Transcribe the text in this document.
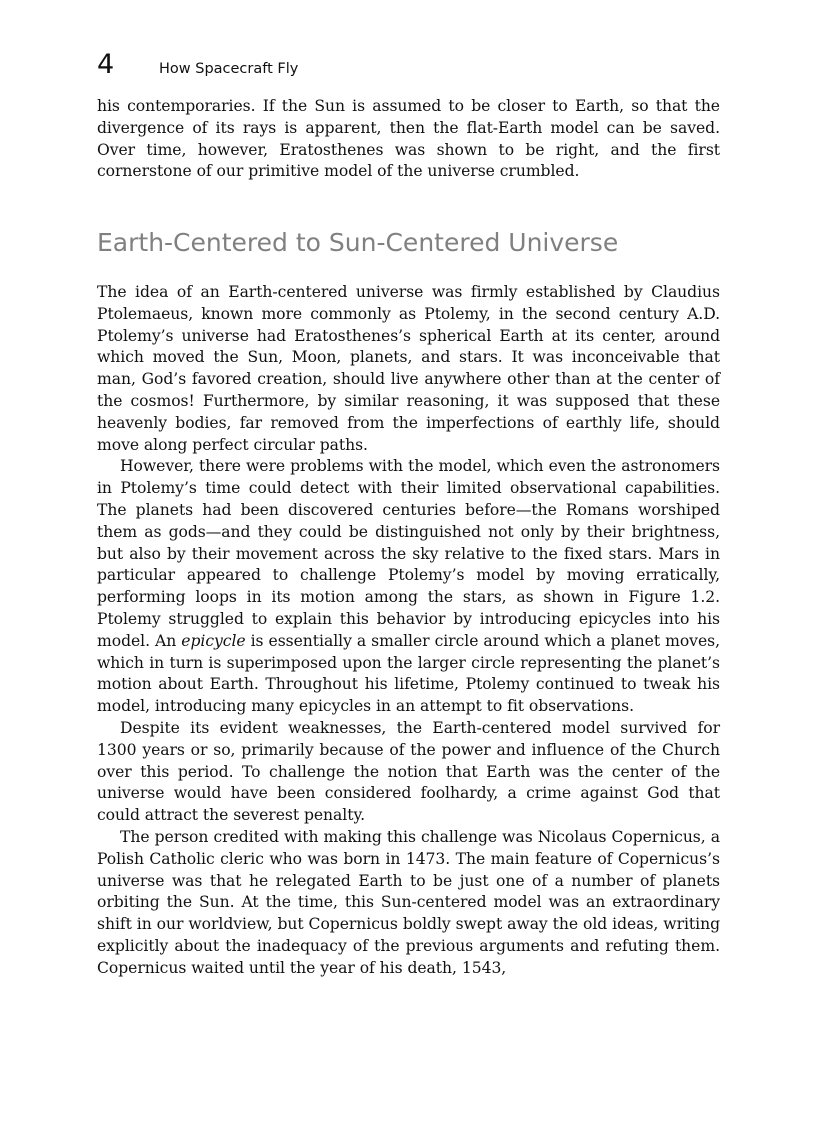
4	How Spacecraft Fly

his contemporaries. If the Sun is assumed to be closer to Earth, so that the divergence of its rays is apparent, then the flat-Earth model can be saved. Over time, however, Eratosthenes was shown to be right, and the first cornerstone of our primitive model of the universe crumbled.

Earth-Centered to Sun-Centered Universe

The idea of an Earth-centered universe was firmly established by Claudius Ptolemaeus, known more commonly as Ptolemy, in the second century A.D. Ptolemy’s universe had Eratosthenes’s spherical Earth at its center, around which moved the Sun, Moon, planets, and stars. It was inconceivable that man, God’s favored creation, should live anywhere other than at the center of the cosmos! Furthermore, by similar reasoning, it was supposed that these heavenly bodies, far removed from the imperfections of earthly life, should move along perfect circular paths.

However, there were problems with the model, which even the astronomers in Ptolemy’s time could detect with their limited observational capabilities. The planets had been discovered centuries before—the Romans worshiped them as gods—and they could be distinguished not only by their brightness, but also by their movement across the sky relative to the fixed stars. Mars in particular appeared to challenge Ptolemy’s model by moving erratically, performing loops in its motion among the stars, as shown in Figure 1.2. Ptolemy struggled to explain this behavior by introducing epicycles into his model. An epicycle is essentially a smaller circle around which a planet moves, which in turn is superimposed upon the larger circle representing the planet’s motion about Earth. Throughout his lifetime, Ptolemy continued to tweak his model, introducing many epicycles in an attempt to fit observations.

Despite its evident weaknesses, the Earth-centered model survived for 1300 years or so, primarily because of the power and influence of the Church over this period. To challenge the notion that Earth was the center of the universe would have been considered foolhardy, a crime against God that could attract the severest penalty.

The person credited with making this challenge was Nicolaus Copernicus, a Polish Catholic cleric who was born in 1473. The main feature of Copernicus’s universe was that he relegated Earth to be just one of a number of planets orbiting the Sun. At the time, this Sun-centered model was an extraordinary shift in our worldview, but Copernicus boldly swept away the old ideas, writing explicitly about the inadequacy of the previous arguments and refuting them. Copernicus waited until the year of his death, 1543,
